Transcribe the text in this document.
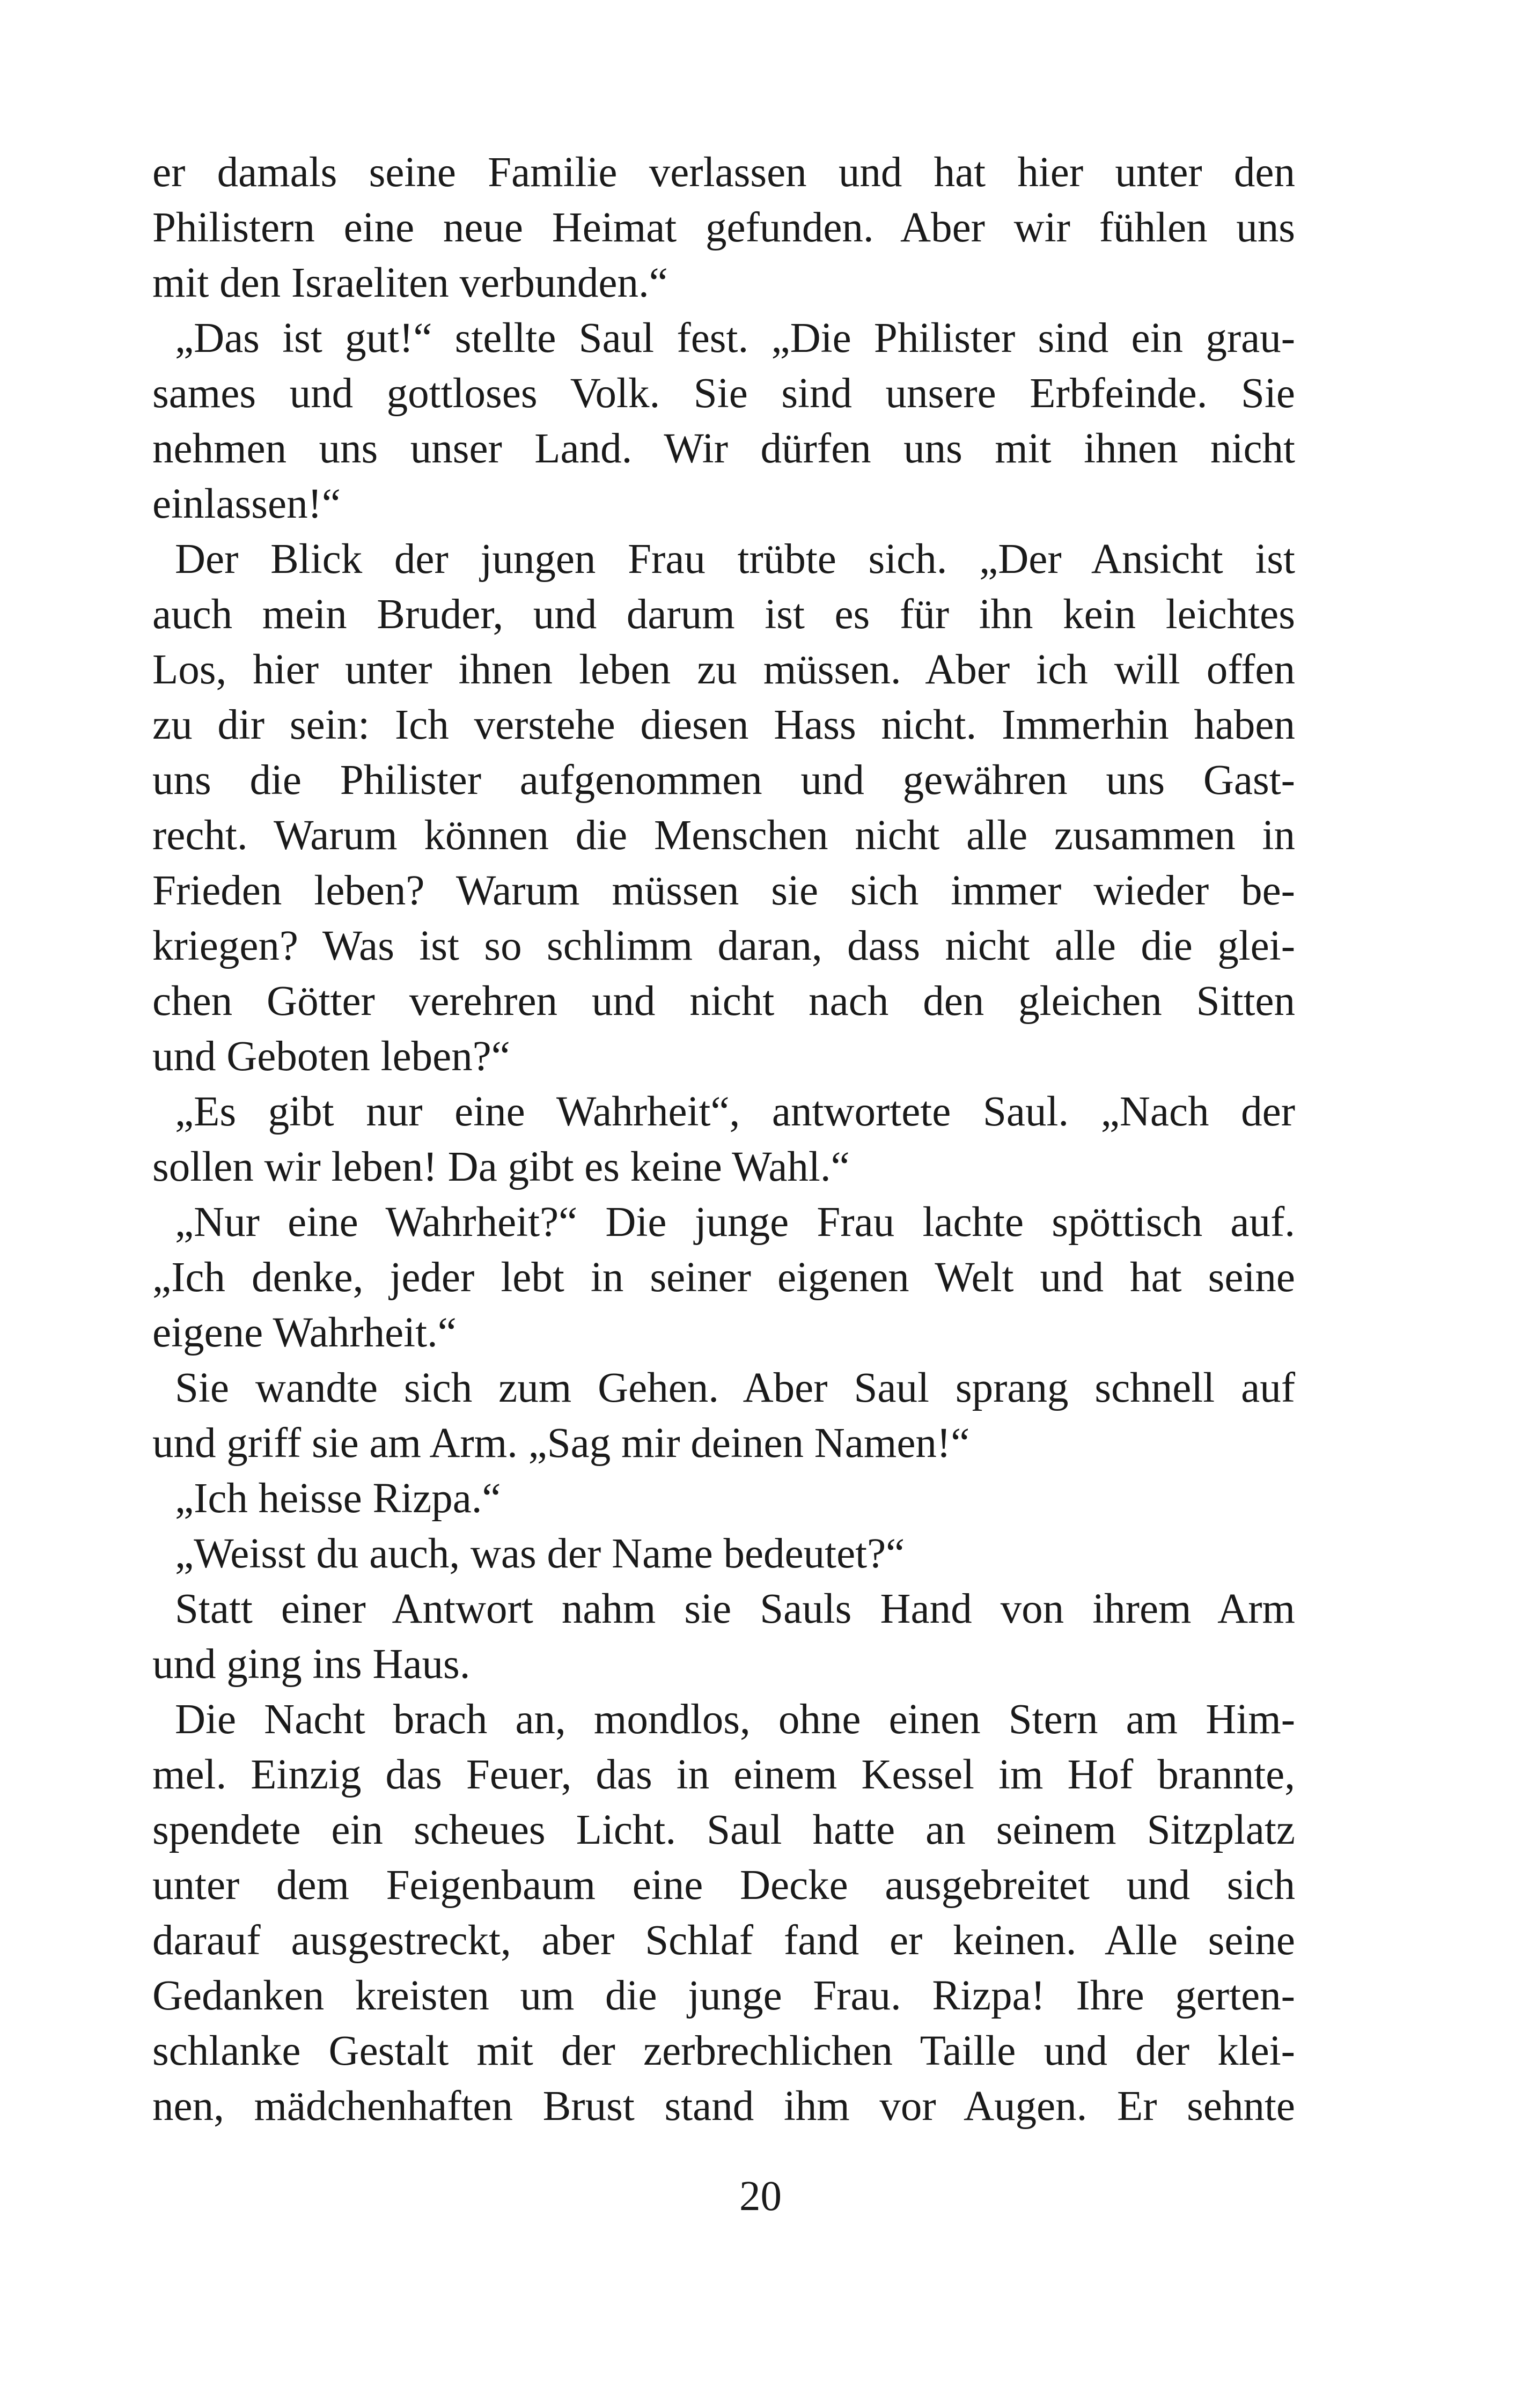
er damals seine Familie verlassen und hat hier unter den
Philistern eine neue Heimat gefunden. Aber wir fühlen uns
mit den Israeliten verbunden.“
„Das ist gut!“ stellte Saul fest. „Die Philister sind ein grau-
sames und gottloses Volk. Sie sind unsere Erbfeinde. Sie
nehmen uns unser Land. Wir dürfen uns mit ihnen nicht
einlassen!“
Der Blick der jungen Frau trübte sich. „Der Ansicht ist
auch mein Bruder, und darum ist es für ihn kein leichtes
Los, hier unter ihnen leben zu müssen. Aber ich will offen
zu dir sein: Ich verstehe diesen Hass nicht. Immerhin haben
uns die Philister aufgenommen und gewähren uns Gast-
recht. Warum können die Menschen nicht alle zusammen in
Frieden leben? Warum müssen sie sich immer wieder be-
kriegen? Was ist so schlimm daran, dass nicht alle die glei-
chen Götter verehren und nicht nach den gleichen Sitten
und Geboten leben?“
„Es gibt nur eine Wahrheit“, antwortete Saul. „Nach der
sollen wir leben! Da gibt es keine Wahl.“
„Nur eine Wahrheit?“ Die junge Frau lachte spöttisch auf.
„Ich denke, jeder lebt in seiner eigenen Welt und hat seine
eigene Wahrheit.“
Sie wandte sich zum Gehen. Aber Saul sprang schnell auf
und griff sie am Arm. „Sag mir deinen Namen!“
„Ich heisse Rizpa.“
„Weisst du auch, was der Name bedeutet?“
Statt einer Antwort nahm sie Sauls Hand von ihrem Arm
und ging ins Haus.
Die Nacht brach an, mondlos, ohne einen Stern am Him-
mel. Einzig das Feuer, das in einem Kessel im Hof brannte,
spendete ein scheues Licht. Saul hatte an seinem Sitzplatz
unter dem Feigenbaum eine Decke ausgebreitet und sich
darauf ausgestreckt, aber Schlaf fand er keinen. Alle seine
Gedanken kreisten um die junge Frau. Rizpa! Ihre gerten-
schlanke Gestalt mit der zerbrechlichen Taille und der klei-
nen, mädchenhaften Brust stand ihm vor Augen. Er sehnte
20
